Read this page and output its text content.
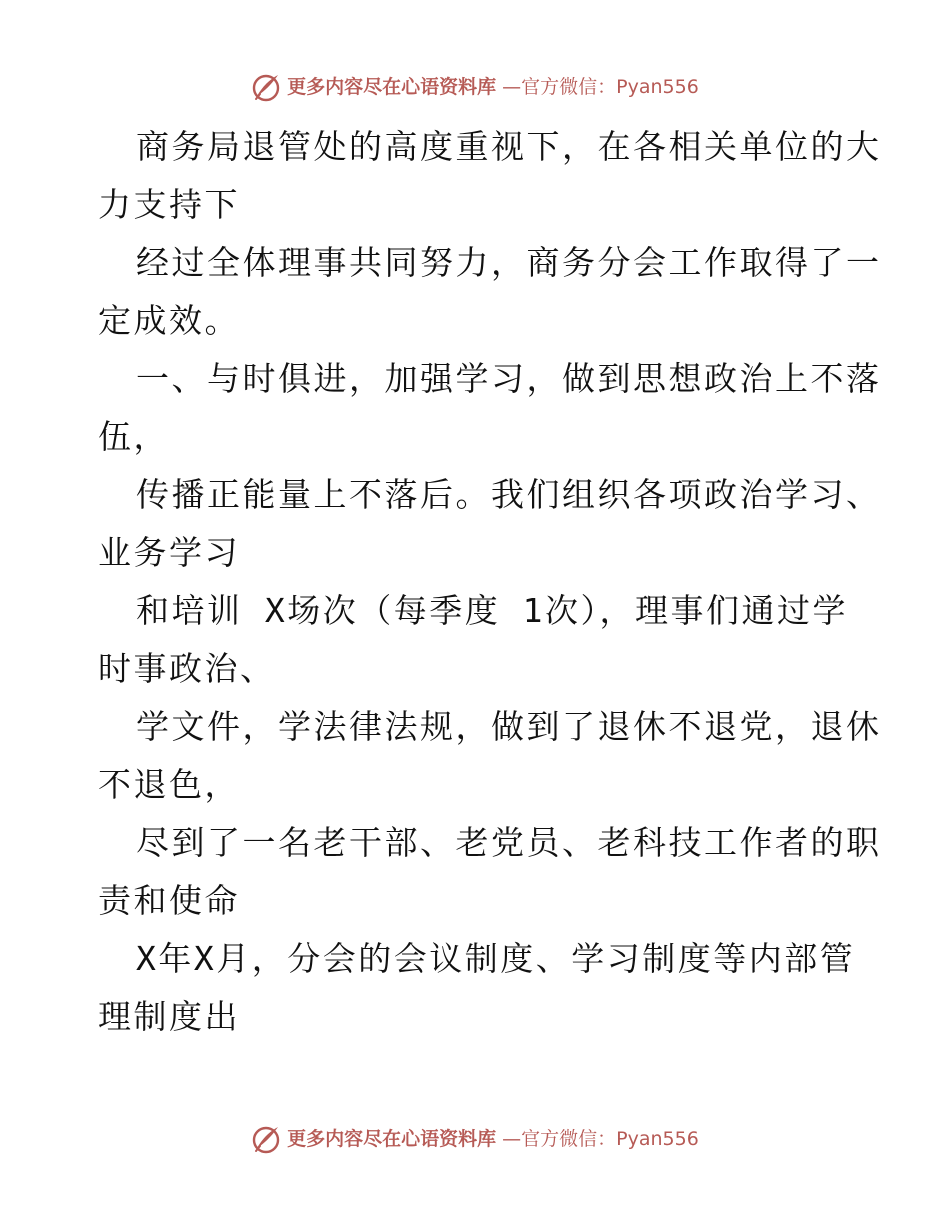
更多内容尽在心语资料库 —官方微信：Pyan556
商务局退管处的高度重视下，在各相关单位的大
力支持下
经过全体理事共同努力，商务分会工作取得了一
定成效。
一、与时俱进，加强学习，做到思想政治上不落
伍，
传播正能量上不落后。我们组织各项政治学习、
业务学习
和培训 X场次（每季度 1次），理事们通过学
时事政治、
学文件，学法律法规，做到了退休不退党，退休
不退色，
尽到了一名老干部、老党员、老科技工作者的职
责和使命
X年X月，分会的会议制度、学习制度等内部管
理制度出
更多内容尽在心语资料库 —官方微信：Pyan556
